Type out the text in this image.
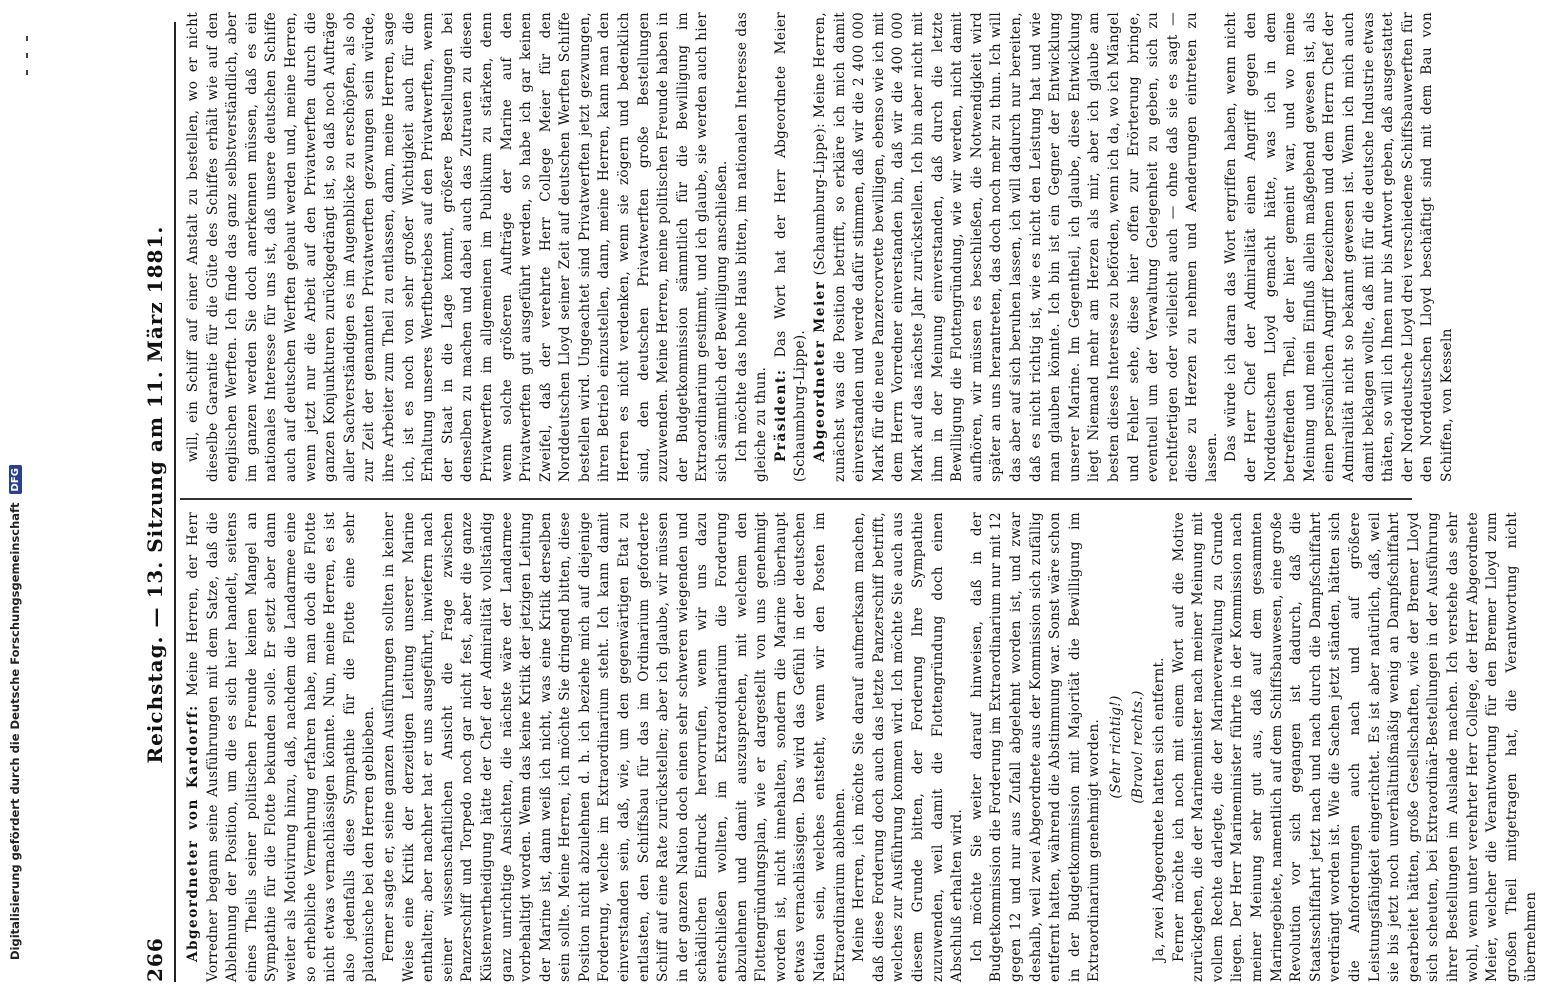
Digitalisierung gefördert durch die Deutsche Forschungsgemeinschaft
DFG
266
Reichstag. — 13. Sitzung am 11. März 1881.

Abgeordneter von Kardorff: Meine Herren, der Herr Vorredner begann seine Ausführungen mit dem Satze, daß die Ablehnung der Position, um die es sich hier handelt, seitens eines Theils seiner politischen Freunde keinen Mangel an Sympathie für die Flotte bekunden solle. Er setzt aber dann weiter als Motivirung hinzu, daß, nachdem die Landarmee eine so erhebliche Vermehrung erfahren habe, man doch die Flotte nicht etwas vernachlässigen könnte. Nun, meine Herren, es ist also jedenfalls diese Sympathie für die Flotte eine sehr platonische bei den Herren geblieben. Ferner sagte er, seine ganzen Ausführungen sollten in keiner Weise eine Kritik der derzeitigen Leitung unserer Marine enthalten; aber nachher hat er uns ausgeführt, inwiefern nach seiner wissenschaftlichen Ansicht die Frage zwischen Panzerschiff und Torpedo noch gar nicht fest, aber die ganze Küstenvertheidigung hätte der Chef der Admiralität vollständig ganz unrichtige Ansichten, die nächste wäre der Landarmee vorbehaltigt worden. Wenn das keine Kritik der jetzigen Leitung der Marine ist, dann weiß ich nicht, was eine Kritik derselben sein sollte. Meine Herren, ich möchte Sie dringend bitten, diese Position nicht abzulehnen d. h. ich beziehe mich auf diejenige Forderung, welche im Extraordinarium steht. Ich kann damit einverstanden sein, daß, wie, um den gegenwärtigen Etat zu entlasten, den Schiffsbau für das im Ordinarium geforderte Schiff auf eine Rate zurückstellen; aber ich glaube, wir müssen in der ganzen Nation doch einen sehr schweren wiegenden und schädlichen Eindruck hervorrufen, wenn wir uns dazu entschließen wollten, im Extraordinarium die Forderung abzulehnen und damit auszusprechen, mit welchem den Flottengründungsplan, wie er dargestellt von uns genehmigt worden ist, nicht innehalten, sondern die Marine überhaupt etwas vernachlässigen. Das wird das Gefühl in der deutschen Nation sein, welches entsteht, wenn wir den Posten im Extraordinarium ablehnen. Meine Herren, ich möchte Sie darauf aufmerksam machen, daß diese Forderung doch auch das letzte Panzerschiff betrifft, welches zur Ausführung kommen wird. Ich möchte Sie auch aus diesem Grunde bitten, der Forderung Ihre Sympathie zuzuwenden, weil damit die Flottengründung doch einen Abschluß erhalten wird. Ich möchte Sie weiter darauf hinweisen, daß in der Budgetkommission die Forderung im Extraordinarium nur mit 12 gegen 12 und nur aus Zufall abgelehnt worden ist, und zwar deshalb, weil zwei Abgeordnete aus der Kommission sich zufällig entfernt hatten, während die Abstimmung war. Sonst wäre schon in der Budgetkommission mit Majorität die Bewilligung im Extraordinarium genehmigt worden. (Sehr richtig!) (Bravo! rechts.) Ja, zwei Abgeordnete hatten sich entfernt. Ferner möchte ich noch mit einem Wort auf die Motive zurückgehen, die der Marineminister nach meiner Meinung mit vollem Rechte darlegte, die der Marineverwaltung zu Grunde liegen. Der Herr Marineminister führte in der Kommission nach meiner Meinung sehr gut aus, daß auf dem gesammten Marinegebiete, namentlich auf dem Schiffsbauwesen, eine große Revolution vor sich gegangen ist dadurch, daß die Staatsschiffahrt jetzt nach und nach durch die Dampfschiffahrt verdrängt worden ist. Wie die Sachen jetzt ständen, hätten sich die Anforderungen auch nach und auf größere Leistungsfähigkeit eingerichtet. Es ist aber natürlich, daß, weil sie bis jetzt noch unverhältnißmäßig wenig an Dampfschiffahrt gearbeitet hätten, große Gesellschaften, wie der Bremer Lloyd sich scheuten, bei Extraordinär-Bestellungen in der Ausführung ihrer Bestellungen im Auslande machen. Ich verstehe das sehr wohl, wenn unter verehrter Herr College, der Herr Abgeordnete Meier, welcher die Verantwortung für den Bremer Lloyd zum großen Theil mitgetragen hat, die Verantwortung nicht übernehmen

will, ein Schiff auf einer Anstalt zu bestellen, wo er nicht dieselbe Garantie für die Güte des Schiffes erhält wie auf den englischen Werften. Ich finde das ganz selbstverständlich, aber im ganzen werden Sie doch anerkennen müssen, daß es ein nationales Interesse für uns ist, daß unsere deutschen Schiffe auch auf deutschen Werften gebaut werden und, meine Herren, wenn jetzt nur die Arbeit auf den Privatwerften durch die ganzen Konjunkturen zurückgedrängt ist, so daß noch Aufträge aller Sachverständigen es im Augenblicke zu erschöpfen, als ob zur Zeit der genannten Privatwerften gezwungen sein würde, ihre Arbeiter zum Theil zu entlassen, dann, meine Herren, sage ich, ist es noch von sehr großer Wichtigkeit auch für die Erhaltung unseres Werftbetriebes auf den Privatwerften, wenn der Staat in die Lage kommt, größere Bestellungen bei denselben zu machen und dabei auch das Zutrauen zu diesen Privatwerften im allgemeinen im Publikum zu stärken, denn wenn solche größeren Aufträge der Marine auf den Privatwerften gut ausgeführt werden, so habe ich gar keinen Zweifel, daß der verehrte Herr College Meier für den Norddeutschen Lloyd seiner Zeit auf deutschen Werften Schiffe bestellen wird. Ungeachtet sind Privatwerften jetzt gezwungen, ihren Betrieb einzustellen, dann, meine Herren, kann man den Herren es nicht verdenken, wenn sie zögern und bedenklich sind, den deutschen Privatwerften große Bestellungen zuzuwenden. Meine Herren, meine politischen Freunde haben in der Budgetkommission sämmtlich für die Bewilligung im Extraordinarium gestimmt, und ich glaube, sie werden auch hier sich sämmtlich der Bewilligung anschließen. Ich möchte das hohe Haus bitten, im nationalen Interesse das gleiche zu thun. Präsident: Das Wort hat der Herr Abgeordnete Meier (Schaumburg-Lippe). Abgeordneter Meier (Schaumburg-Lippe): Meine Herren, zunächst was die Position betrifft, so erkläre ich mich damit einverstanden und werde dafür stimmen, daß wir die 2 400 000 Mark für die neue Panzercorvette bewilligen, ebenso wie ich mit dem Herrn Vorredner einverstanden bin, daß wir die 400 000 Mark auf das nächste Jahr zurückstellen. Ich bin aber nicht mit ihm in der Meinung einverstanden, daß durch die letzte Bewilligung die Flottengründung, wie wir werden, nicht damit aufhören, wir müssen es beschließen, die Notwendigkeit wird später an uns herantreten, das doch noch mehr zu thun. Ich will das aber auf sich beruhen lassen, ich will dadurch nur bereiten, daß es nicht richtig ist, wie es nicht den Leistung hat und wie man glauben könnte. Ich bin ist ein Gegner der Entwicklung unserer Marine. Im Gegentheil, ich glaube, diese Entwicklung liegt Niemand mehr am Herzen als mir, aber ich glaube am besten dieses Interesse zu beförden, wenn ich da, wo ich Mängel und Fehler sehe, diese hier offen zur Erörterung bringe, eventuell um der Verwaltung Gelegenheit zu geben, sich zu rechtfertigen oder vielleicht auch — ohne daß sie es sagt — diese zu Herzen zu nehmen und Aenderungen eintreten zu lassen. Das würde ich daran das Wort ergriffen haben, wenn nicht der Herr Chef der Admiralität einen Angriff gegen den Norddeutschen Lloyd gemacht hätte, was ich in dem betreffenden Theil, der hier gemeint war, und wo meine Meinung und mein Einfluß allein maßgebend gewesen ist, als einen persönlichen Angriff bezeichnen und dem Herrn Chef der Admiralität nicht so bekannt gewesen ist. Wenn ich mich auch damit beklagen wollte, daß mit für die deutsche Industrie etwas thäten, so will ich Ihnen nur bis Antwort geben, daß ausgestattet der Norddeutsche Lloyd drei verschiedene Schiffsbauwerften für den Norddeutschen Lloyd beschäftigt sind mit dem Bau von Schiffen, von Kesseln
